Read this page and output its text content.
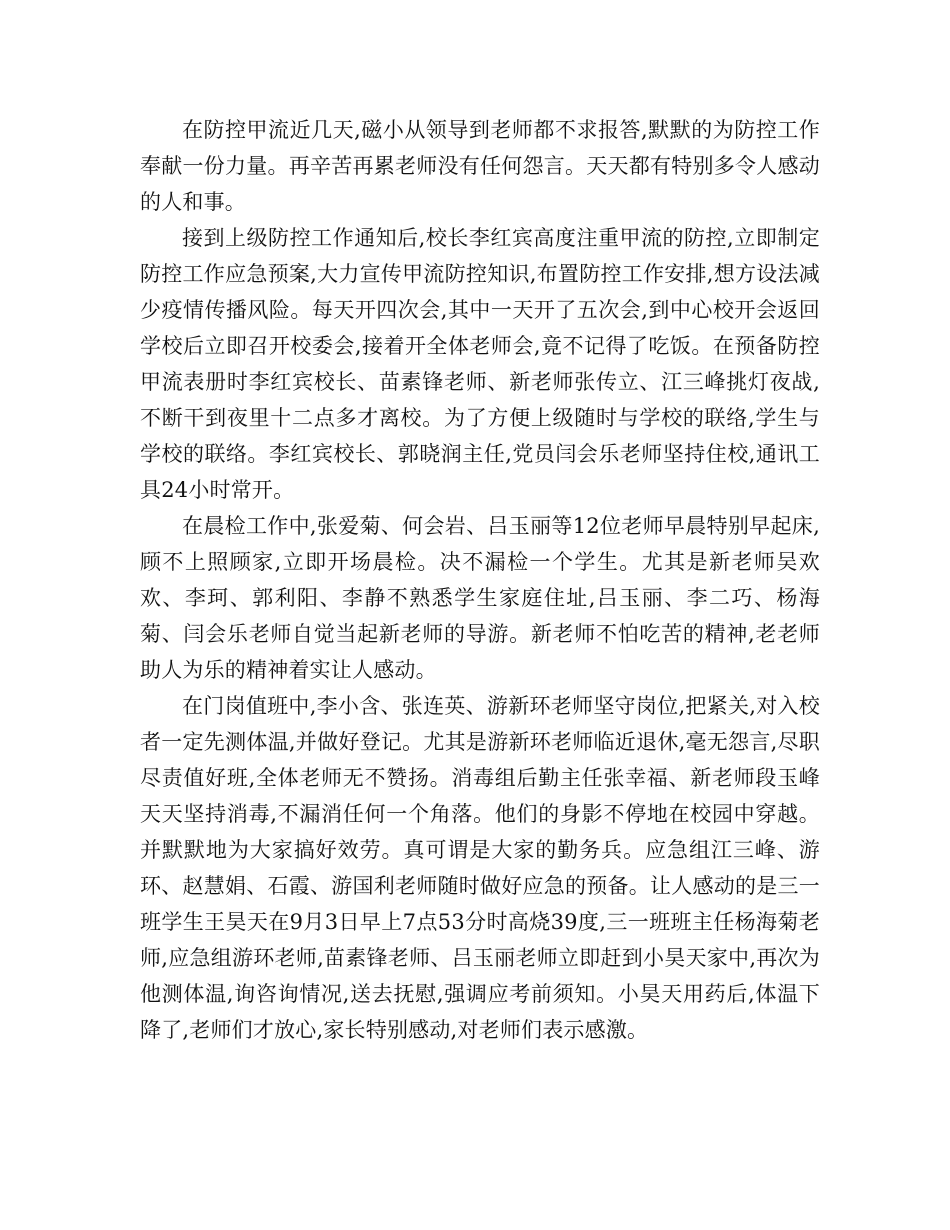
在防控甲流近几天,磁小从领导到老师都不求报答,默默的为防控工作奉献一份力量。再辛苦再累老师没有任何怨言。天天都有特别多令人感动的人和事。

接到上级防控工作通知后,校长李红宾高度注重甲流的防控,立即制定防控工作应急预案,大力宣传甲流防控知识,布置防控工作安排,想方设法减少疫情传播风险。每天开四次会,其中一天开了五次会,到中心校开会返回学校后立即召开校委会,接着开全体老师会,竟不记得了吃饭。在预备防控甲流表册时李红宾校长、苗素锋老师、新老师张传立、江三峰挑灯夜战,不断干到夜里十二点多才离校。为了方便上级随时与学校的联络,学生与学校的联络。李红宾校长、郭晓润主任,党员闫会乐老师坚持住校,通讯工具24小时常开。

在晨检工作中,张爱菊、何会岩、吕玉丽等12位老师早晨特别早起床,顾不上照顾家,立即开场晨检。决不漏检一个学生。尤其是新老师吴欢欢、李珂、郭利阳、李静不熟悉学生家庭住址,吕玉丽、李二巧、杨海菊、闫会乐老师自觉当起新老师的导游。新老师不怕吃苦的精神,老老师助人为乐的精神着实让人感动。

在门岗值班中,李小含、张连英、游新环老师坚守岗位,把紧关,对入校者一定先测体温,并做好登记。尤其是游新环老师临近退休,毫无怨言,尽职尽责值好班,全体老师无不赞扬。消毒组后勤主任张幸福、新老师段玉峰天天坚持消毒,不漏消任何一个角落。他们的身影不停地在校园中穿越。并默默地为大家搞好效劳。真可谓是大家的勤务兵。应急组江三峰、游环、赵慧娟、石霞、游国利老师随时做好应急的预备。让人感动的是三一班学生王昊天在9月3日早上7点53分时高烧39度,三一班班主任杨海菊老师,应急组游环老师,苗素锋老师、吕玉丽老师立即赶到小昊天家中,再次为他测体温,询咨询情况,送去抚慰,强调应考前须知。小昊天用药后,体温下降了,老师们才放心,家长特别感动,对老师们表示感激。
